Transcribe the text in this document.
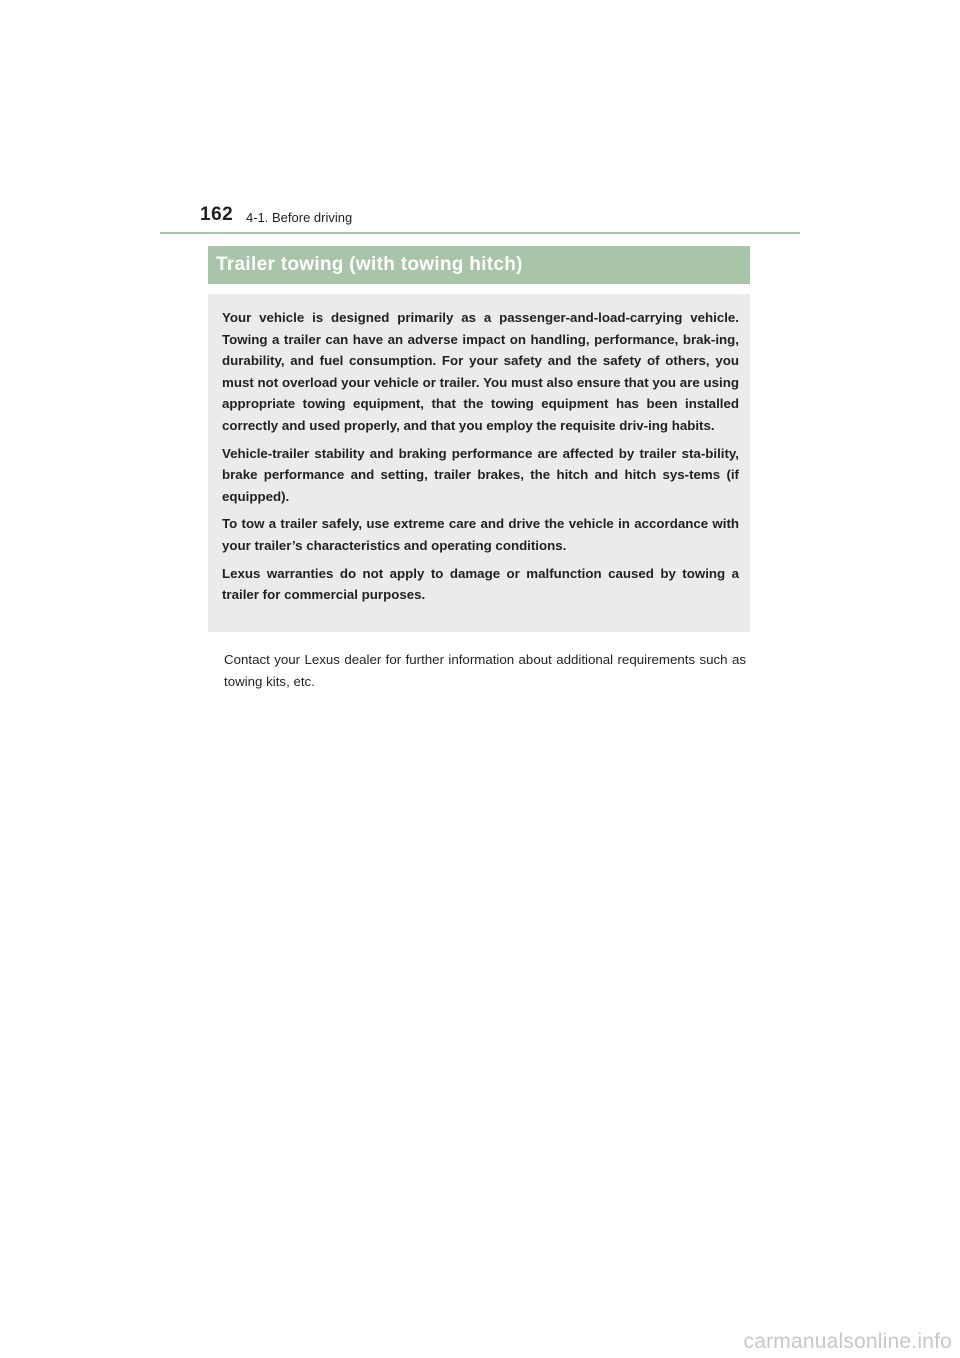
162 4-1. Before driving
Trailer towing (with towing hitch)

Your vehicle is designed primarily as a passenger-and-load-carrying vehicle. Towing a trailer can have an adverse impact on handling, performance, brak-ing, durability, and fuel consumption. For your safety and the safety of others, you must not overload your vehicle or trailer. You must also ensure that you are using appropriate towing equipment, that the towing equipment has been installed correctly and used properly, and that you employ the requisite driv-ing habits.

Vehicle-trailer stability and braking performance are affected by trailer sta-bility, brake performance and setting, trailer brakes, the hitch and hitch sys-tems (if equipped).

To tow a trailer safely, use extreme care and drive the vehicle in accordance with your trailer’s characteristics and operating conditions.

Lexus warranties do not apply to damage or malfunction caused by towing a trailer for commercial purposes.

Contact your Lexus dealer for further information about additional requirements such as towing kits, etc.

carmanualsonline.info
